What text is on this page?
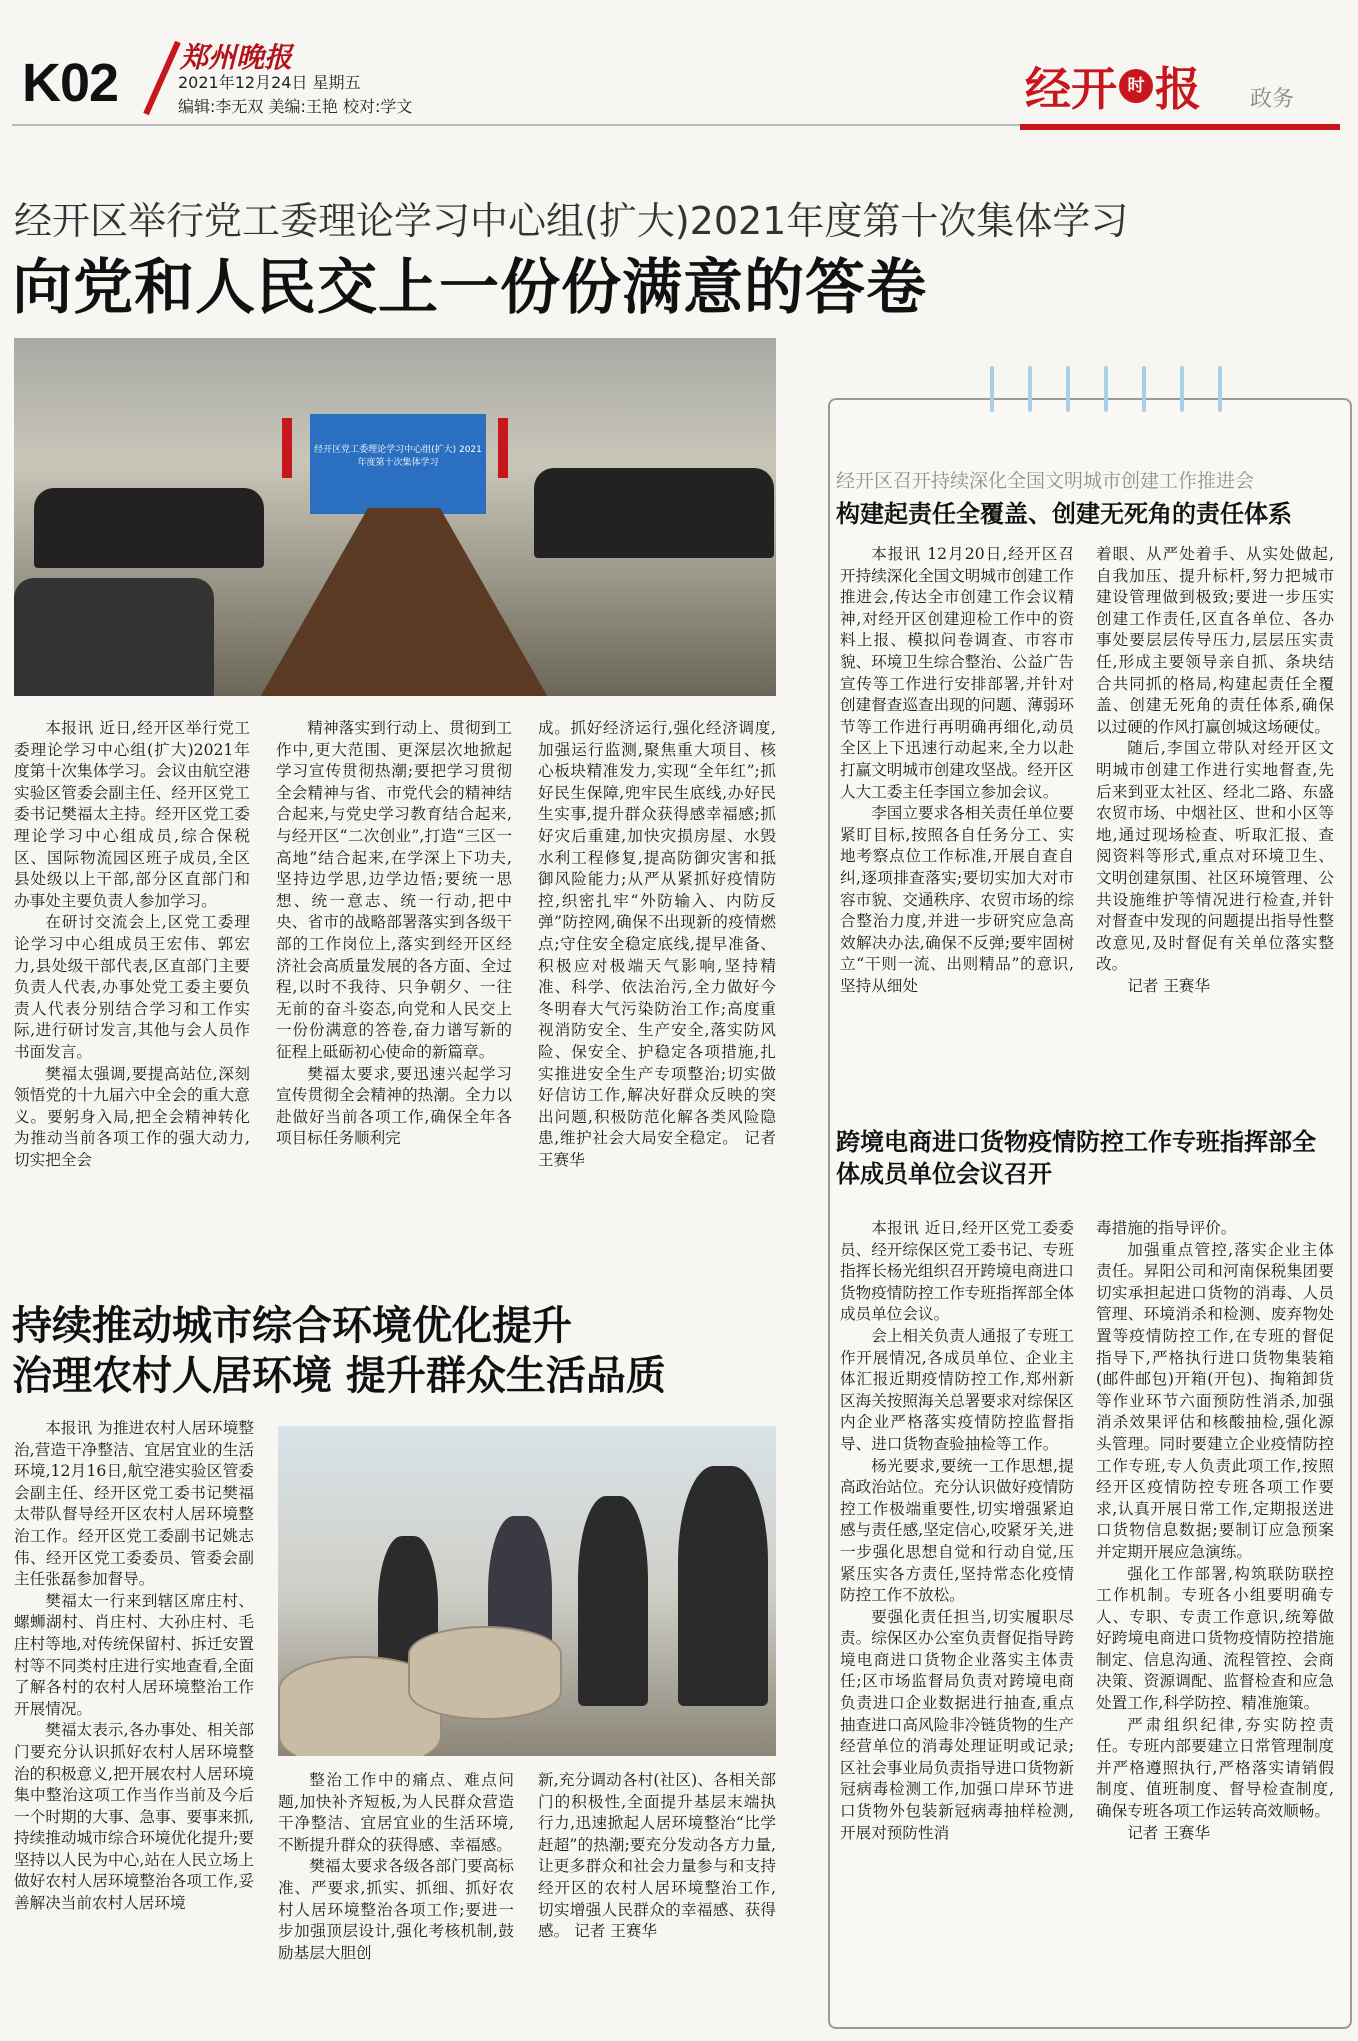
K02 郑州晚报
2021年12月24日 星期五
编辑:李无双 美编:王艳 校对:学文	经开 时 报 政务
经开区举行党工委理论学习中心组(扩大)2021年度第十次集体学习
向党和人民交上一份份满意的答卷
经开区党工委理论学习中心组(扩大) 2021年度第十次集体学习

本报讯 近日,经开区举行党工委理论学习中心组(扩大)2021年度第十次集体学习。会议由航空港实验区管委会副主任、经开区党工委书记樊福太主持。经开区党工委理论学习中心组成员,综合保税区、国际物流园区班子成员,全区县处级以上干部,部分区直部门和办事处主要负责人参加学习。

在研讨交流会上,区党工委理论学习中心组成员王宏伟、郭宏力,县处级干部代表,区直部门主要负责人代表,办事处党工委主要负责人代表分别结合学习和工作实际,进行研讨发言,其他与会人员作书面发言。

樊福太强调,要提高站位,深刻领悟党的十九届六中全会的重大意义。要躬身入局,把全会精神转化为推动当前各项工作的强大动力,切实把全会

精神落实到行动上、贯彻到工作中,更大范围、更深层次地掀起学习宣传贯彻热潮;要把学习贯彻全会精神与省、市党代会的精神结合起来,与党史学习教育结合起来,与经开区“二次创业”,打造“三区一高地”结合起来,在学深上下功夫,坚持边学思,边学边悟;要统一思想、统一意志、统一行动,把中央、省市的战略部署落实到各级干部的工作岗位上,落实到经开区经济社会高质量发展的各方面、全过程,以时不我待、只争朝夕、一往无前的奋斗姿态,向党和人民交上一份份满意的答卷,奋力谱写新的征程上砥砺初心使命的新篇章。

樊福太要求,要迅速兴起学习宣传贯彻全会精神的热潮。全力以赴做好当前各项工作,确保全年各项目标任务顺利完

成。抓好经济运行,强化经济调度,加强运行监测,聚焦重大项目、核心板块精准发力,实现“全年红”;抓好民生保障,兜牢民生底线,办好民生实事,提升群众获得感幸福感;抓好灾后重建,加快灾损房屋、水毁水利工程修复,提高防御灾害和抵御风险能力;从严从紧抓好疫情防控,织密扎牢“外防输入、内防反弹”防控网,确保不出现新的疫情燃点;守住安全稳定底线,提早准备、积极应对极端天气影响,坚持精准、科学、依法治污,全力做好今冬明春大气污染防治工作;高度重视消防安全、生产安全,落实防风险、保安全、护稳定各项措施,扎实推进安全生产专项整治;切实做好信访工作,解决好群众反映的突出问题,积极防范化解各类风险隐患,维护社会大局安全稳定。 记者 王赛华

持续推动城市综合环境优化提升
治理农村人居环境 提升群众生活品质

本报讯 为推进农村人居环境整治,营造干净整洁、宜居宜业的生活环境,12月16日,航空港实验区管委会副主任、经开区党工委书记樊福太带队督导经开区农村人居环境整治工作。经开区党工委副书记姚志伟、经开区党工委委员、管委会副主任张磊参加督导。

樊福太一行来到辖区席庄村、螺蛳湖村、肖庄村、大孙庄村、毛庄村等地,对传统保留村、拆迁安置村等不同类村庄进行实地查看,全面了解各村的农村人居环境整治工作开展情况。

樊福太表示,各办事处、相关部门要充分认识抓好农村人居环境整治的积极意义,把开展农村人居环境集中整治这项工作当作当前及今后一个时期的大事、急事、要事来抓,持续推动城市综合环境优化提升;要坚持以人民为中心,站在人民立场上做好农村人居环境整治各项工作,妥善解决当前农村人居环境

整治工作中的痛点、难点问题,加快补齐短板,为人民群众营造干净整洁、宜居宜业的生活环境,不断提升群众的获得感、幸福感。

樊福太要求各级各部门要高标准、严要求,抓实、抓细、抓好农村人居环境整治各项工作;要进一步加强顶层设计,强化考核机制,鼓励基层大胆创

新,充分调动各村(社区)、各相关部门的积极性,全面提升基层末端执行力,迅速掀起人居环境整治“比学赶超”的热潮;要充分发动各方力量,让更多群众和社会力量参与和支持经开区的农村人居环境整治工作,切实增强人民群众的幸福感、获得感。 记者 王赛华

经开区召开持续深化全国文明城市创建工作推进会
构建起责任全覆盖、创建无死角的责任体系

本报讯 12月20日,经开区召开持续深化全国文明城市创建工作推进会,传达全市创建工作会议精神,对经开区创建迎检工作中的资料上报、模拟问卷调查、市容市貌、环境卫生综合整治、公益广告宣传等工作进行安排部署,并针对创建督查巡查出现的问题、薄弱环节等工作进行再明确再细化,动员全区上下迅速行动起来,全力以赴打赢文明城市创建攻坚战。经开区人大工委主任李国立参加会议。

李国立要求各相关责任单位要紧盯目标,按照各自任务分工、实地考察点位工作标准,开展自查自纠,逐项排查落实;要切实加大对市容市貌、交通秩序、农贸市场的综合整治力度,并进一步研究应急高效解决办法,确保不反弹;要牢固树立“干则一流、出则精品”的意识,坚持从细处

着眼、从严处着手、从实处做起,自我加压、提升标杆,努力把城市建设管理做到极致;要进一步压实创建工作责任,区直各单位、各办事处要层层传导压力,层层压实责任,形成主要领导亲自抓、条块结合共同抓的格局,构建起责任全覆盖、创建无死角的责任体系,确保以过硬的作风打赢创城这场硬仗。

随后,李国立带队对经开区文明城市创建工作进行实地督查,先后来到亚太社区、经北二路、东盛农贸市场、中烟社区、世和小区等地,通过现场检查、听取汇报、查阅资料等形式,重点对环境卫生、文明创建氛围、社区环境管理、公共设施维护等情况进行检查,并针对督查中发现的问题提出指导性整改意见,及时督促有关单位落实整改。

记者 王赛华

跨境电商进口货物疫情防控工作专班指挥部全体成员单位会议召开

本报讯 近日,经开区党工委委员、经开综保区党工委书记、专班指挥长杨光组织召开跨境电商进口货物疫情防控工作专班指挥部全体成员单位会议。

会上相关负责人通报了专班工作开展情况,各成员单位、企业主体汇报近期疫情防控工作,郑州新区海关按照海关总署要求对综保区内企业严格落实疫情防控监督指导、进口货物查验抽检等工作。

杨光要求,要统一工作思想,提高政治站位。充分认识做好疫情防控工作极端重要性,切实增强紧迫感与责任感,坚定信心,咬紧牙关,进一步强化思想自觉和行动自觉,压紧压实各方责任,坚持常态化疫情防控工作不放松。

要强化责任担当,切实履职尽责。综保区办公室负责督促指导跨境电商进口货物企业落实主体责任;区市场监督局负责对跨境电商负责进口企业数据进行抽查,重点抽查进口高风险非冷链货物的生产经营单位的消毒处理证明或记录;区社会事业局负责指导进口货物新冠病毒检测工作,加强口岸环节进口货物外包装新冠病毒抽样检测,开展对预防性消

毒措施的指导评价。

加强重点管控,落实企业主体责任。昇阳公司和河南保税集团要切实承担起进口货物的消毒、人员管理、环境消杀和检测、废弃物处置等疫情防控工作,在专班的督促指导下,严格执行进口货物集装箱(邮件邮包)开箱(开包)、掏箱卸货等作业环节六面预防性消杀,加强消杀效果评估和核酸抽检,强化源头管理。同时要建立企业疫情防控工作专班,专人负责此项工作,按照经开区疫情防控专班各项工作要求,认真开展日常工作,定期报送进口货物信息数据;要制订应急预案并定期开展应急演练。

强化工作部署,构筑联防联控工作机制。专班各小组要明确专人、专职、专责工作意识,统筹做好跨境电商进口货物疫情防控措施制定、信息沟通、流程管控、会商决策、资源调配、监督检查和应急处置工作,科学防控、精准施策。

严肃组织纪律,夯实防控责任。专班内部要建立日常管理制度并严格遵照执行,严格落实请销假制度、值班制度、督导检查制度,确保专班各项工作运转高效顺畅。

记者 王赛华
